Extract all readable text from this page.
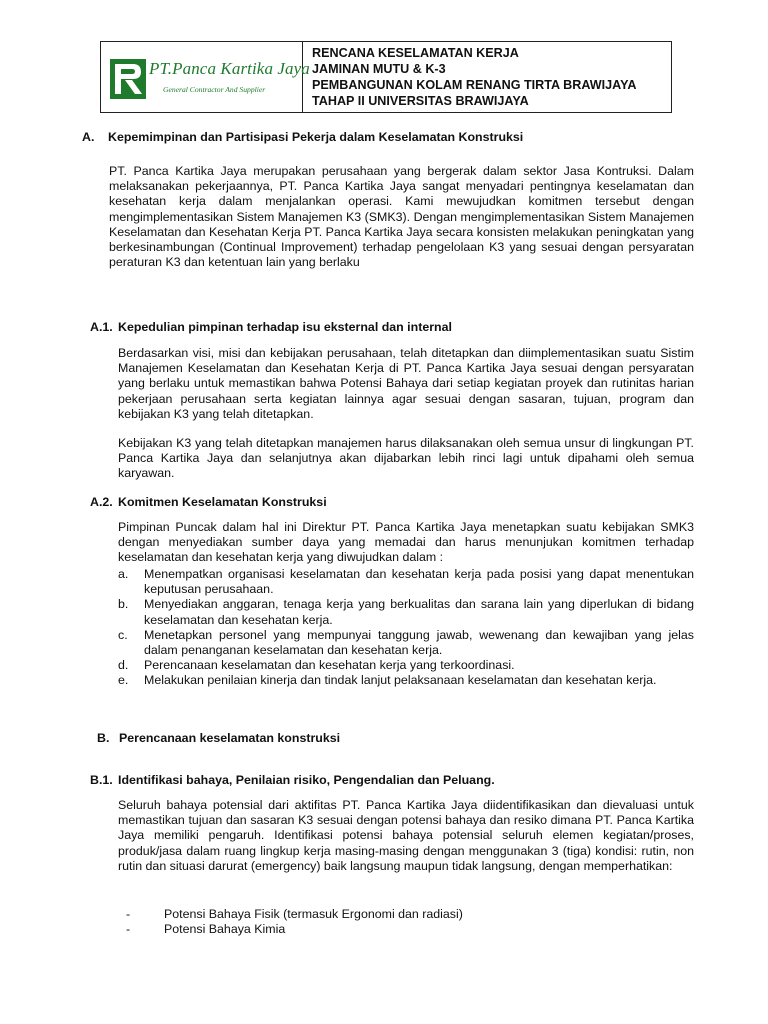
PT.Panca Kartika Jaya
General Contractor And Supplier
RENCANA KESELAMATAN KERJA
JAMINAN MUTU & K-3
PEMBANGUNAN KOLAM RENANG TIRTA BRAWIJAYA
TAHAP II UNIVERSITAS BRAWIJAYA
A. Kepemimpinan dan Partisipasi Pekerja dalam Keselamatan Konstruksi

PT. Panca Kartika Jaya merupakan perusahaan yang bergerak dalam sektor Jasa Kontruksi. Dalam melaksanakan pekerjaannya, PT. Panca Kartika Jaya sangat menyadari pentingnya keselamatan dan kesehatan kerja dalam menjalankan operasi. Kami mewujudkan komitmen tersebut dengan mengimplementasikan Sistem Manajemen K3 (SMK3). Dengan mengimplementasikan Sistem Manajemen Keselamatan dan Kesehatan Kerja PT. Panca Kartika Jaya secara konsisten melakukan peningkatan yang berkesinambungan (Continual Improvement) terhadap pengelolaan K3 yang sesuai dengan persyaratan peraturan K3 dan ketentuan lain yang berlaku

A.1. Kepedulian pimpinan terhadap isu eksternal dan internal

Berdasarkan visi, misi dan kebijakan perusahaan, telah ditetapkan dan diimplementasikan suatu Sistim Manajemen Keselamatan dan Kesehatan Kerja di PT. Panca Kartika Jaya sesuai dengan persyaratan yang berlaku untuk memastikan bahwa Potensi Bahaya dari setiap kegiatan proyek dan rutinitas harian pekerjaan perusahaan serta kegiatan lainnya agar sesuai dengan sasaran, tujuan, program dan kebijakan K3 yang telah ditetapkan.

Kebijakan K3 yang telah ditetapkan manajemen harus dilaksanakan oleh semua unsur di lingkungan PT. Panca Kartika Jaya dan selanjutnya akan dijabarkan lebih rinci lagi untuk dipahami oleh semua karyawan.

A.2. Komitmen Keselamatan Konstruksi

Pimpinan Puncak dalam hal ini Direktur PT. Panca Kartika Jaya menetapkan suatu kebijakan SMK3 dengan menyediakan sumber daya yang memadai dan harus menunjukan komitmen terhadap keselamatan dan kesehatan kerja yang diwujudkan dalam :

a. Menempatkan organisasi keselamatan dan kesehatan kerja pada posisi yang dapat menentukan keputusan perusahaan.
b. Menyediakan anggaran, tenaga kerja yang berkualitas dan sarana lain yang diperlukan di bidang keselamatan dan kesehatan kerja.
c. Menetapkan personel yang mempunyai tanggung jawab, wewenang dan kewajiban yang jelas dalam penanganan keselamatan dan kesehatan kerja.
d. Perencanaan keselamatan dan kesehatan kerja yang terkoordinasi.
e. Melakukan penilaian kinerja dan tindak lanjut pelaksanaan keselamatan dan kesehatan kerja.
B. Perencanaan keselamatan konstruksi
B.1. Identifikasi bahaya, Penilaian risiko, Pengendalian dan Peluang.

Seluruh bahaya potensial dari aktifitas PT. Panca Kartika Jaya diidentifikasikan dan dievaluasi untuk memastikan tujuan dan sasaran K3 sesuai dengan potensi bahaya dan resiko dimana PT. Panca Kartika Jaya memiliki pengaruh. Identifikasi potensi bahaya potensial seluruh elemen kegiatan/proses, produk/jasa dalam ruang lingkup kerja masing-masing dengan menggunakan 3 (tiga) kondisi: rutin, non rutin dan situasi darurat (emergency) baik langsung maupun tidak langsung, dengan memperhatikan:

-	Potensi Bahaya Fisik (termasuk Ergonomi dan radiasi)
-	Potensi Bahaya Kimia
